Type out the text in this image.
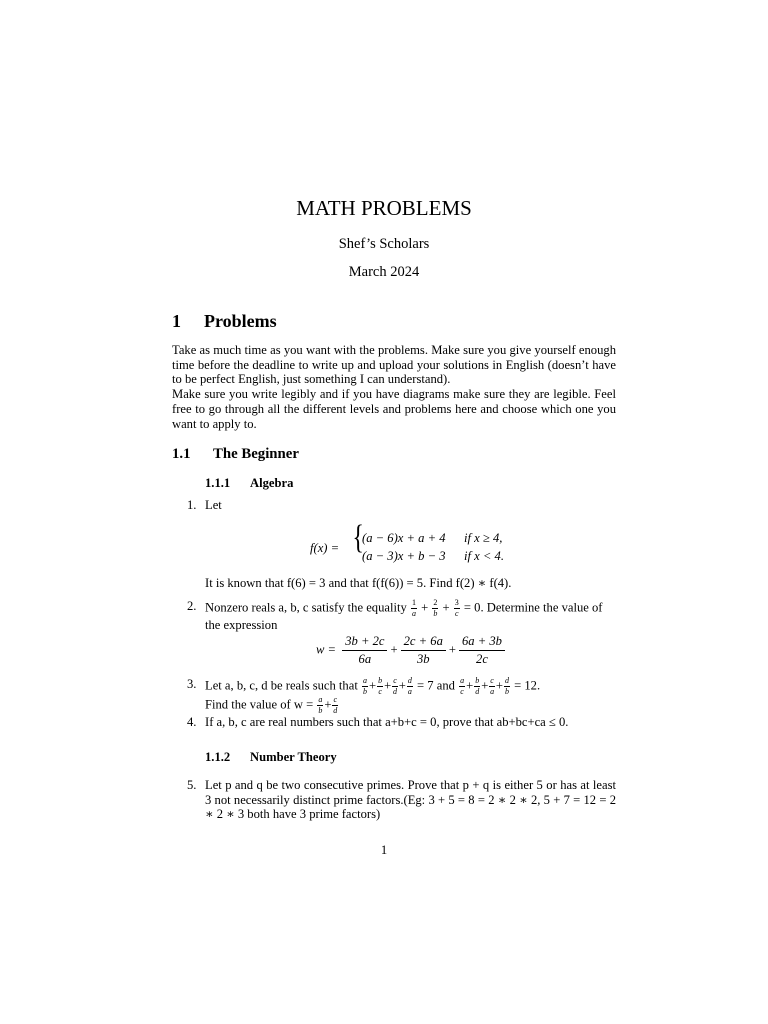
MATH PROBLEMS
Shef’s Scholars
March 2024
1 Problems

Take as much time as you want with the problems. Make sure you give yourself enough time before the deadline to write up and upload your solutions in English (doesn’t have to be perfect English, just something I can understand).

Make sure you write legibly and if you have diagrams make sure they are legible. Feel free to go through all the different levels and problems here and choose which one you want to apply to.

1.1 The Beginner
1.1.1 Algebra
1. Let

f(x) = {
(a − 6)x + a + 4 if x ≥ 4,
(a − 3)x + b − 3 if x < 4.

It is known that f(6) = 3 and that f(f(6)) = 5. Find f(2) ∗ f(4).

2. Nonzero reals a, b, c satisfy the equality $\frac{1}{a} + \frac{2}{b} + \frac{3}{c} = 0$. Determine the value of the expression

$w = \frac{3b + 2c}{6a} + \frac{2c + 6a}{3b} + \frac{6a + 3b}{2c}$
3. Let a, b, c, d be reals such that $\frac{a}{b} + \frac{b}{c} + \frac{c}{d} + \frac{d}{a} = 7$ and $\frac{a}{c} + \frac{b}{d} + \frac{c}{a} + \frac{d}{b} = 12$.

Find the value of $w = \frac{a}{b} + \frac{c}{d}$

4. If a, b, c are real numbers such that a+b+c = 0, prove that ab+bc+ca ≤ 0.

1.1.2 Number Theory
5. Let p and q be two consecutive primes. Prove that p + q is either 5 or has at least 3 not necessarily distinct prime factors.(Eg: 3 + 5 = 8 = 2 ∗ 2 ∗ 2, 5 + 7 = 12 = 2 ∗ 2 ∗ 3 both have 3 prime factors)

1
